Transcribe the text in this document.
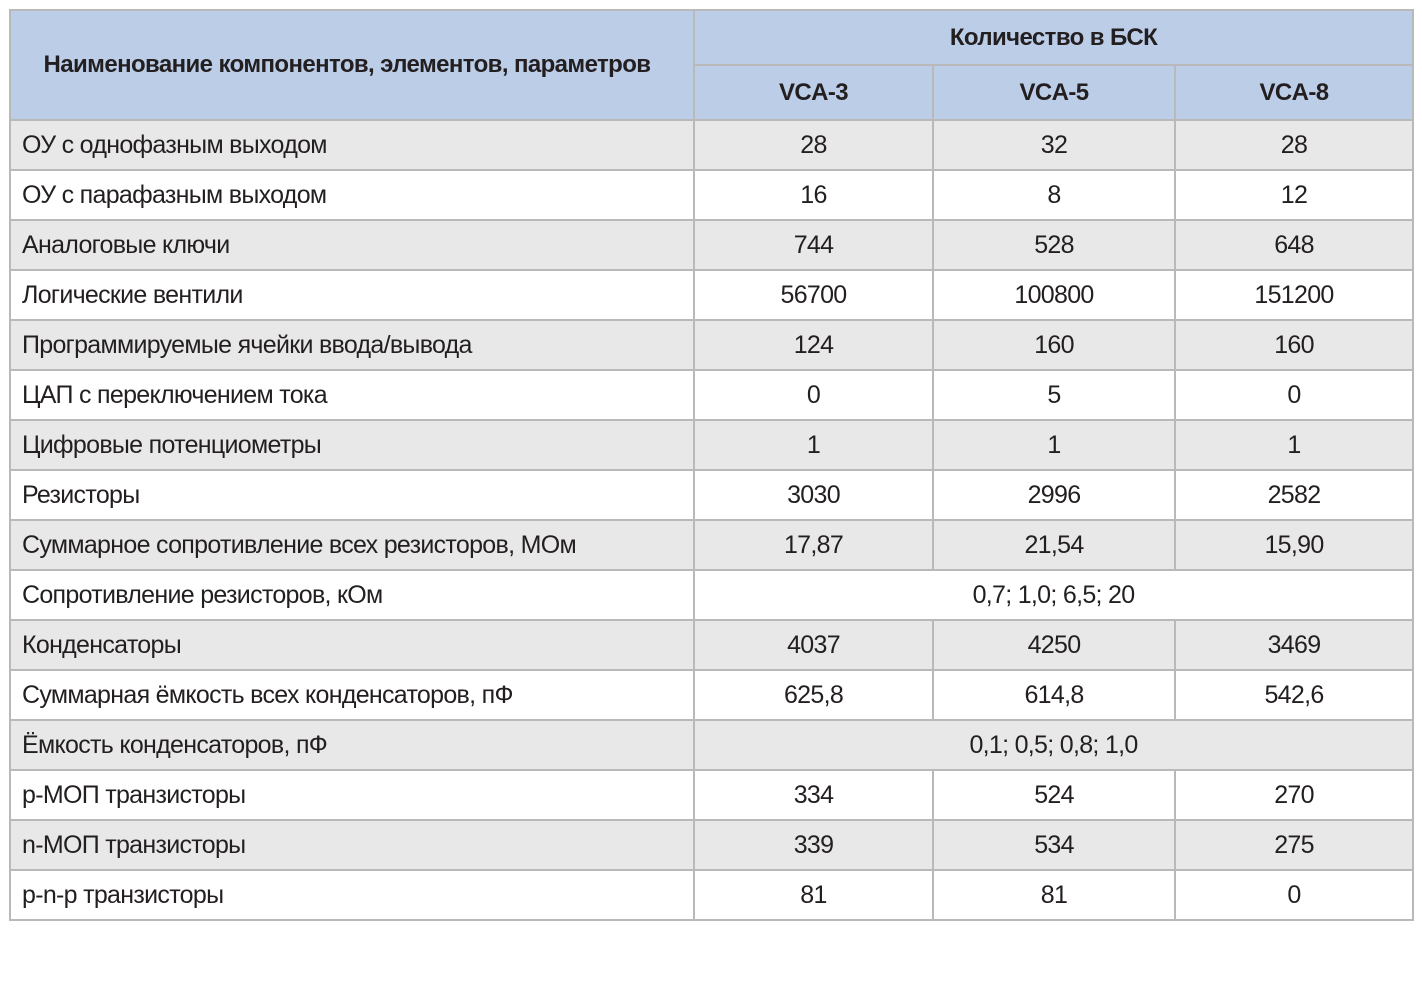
Наименование компонентов, элементов, параметров	Количество в БСК		
	VCA-3	VCA-5	VCA-8
ОУ с однофазным выходом	28	32	28
ОУ с парафазным выходом	16	8	12
Аналоговые ключи	744	528	648
Логические вентили	56700	100800	151200
Программируемые ячейки ввода/вывода	124	160	160
ЦАП с переключением тока	0	5	0
Цифровые потенциометры	1	1	1
Резисторы	3030	2996	2582
Суммарное сопротивление всех резисторов, МОм	17,87	21,54	15,90
Сопротивление резисторов, кОм	0,7; 1,0; 6,5; 20		
Конденсаторы	4037	4250	3469
Суммарная ёмкость всех конденсаторов, пФ	625,8	614,8	542,6
Ёмкость конденсаторов, пФ	0,1; 0,5; 0,8; 1,0		
p-МОП транзисторы	334	524	270
n-МОП транзисторы	339	534	275
p-n-p транзисторы	81	81	0
